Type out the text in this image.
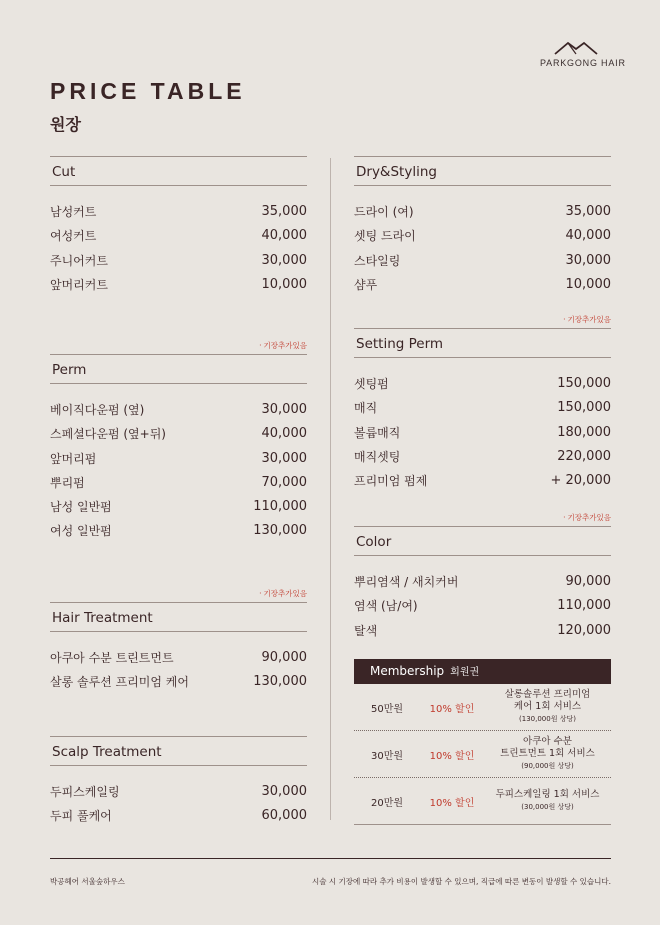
PARKGONG HAIR
PRICE TABLE
원장
Cut
남성커트	35,000
여성커트	40,000
주니어커트	30,000
앞머리커트	10,000
· 기장추가있음
Perm
베이직다운펌 (옆)	30,000
스페셜다운펌 (옆+뒤)	40,000
앞머리펌	30,000
뿌리펌	70,000
남성 일반펌	110,000
여성 일반펌	130,000
· 기장추가있음
Hair Treatment
아쿠아 수분 트린트먼트	90,000
살롱 솔루션 프리미엄 케어	130,000
Scalp Treatment
두피스케일링	30,000
두피 풀케어	60,000
Dry&Styling
드라이 (여)	35,000
셋팅 드라이	40,000
스타일링	30,000
샴푸	10,000
· 기장추가있음
Setting Perm
셋팅펌	150,000
매직	150,000
볼륨매직	180,000
매직셋팅	220,000
프리미엄 펌제	+ 20,000
· 기장추가있음
Color
뿌리염색 / 새치커버	90,000
염색 (남/여)	110,000
탈색	120,000
Membership 회원권
50만원	10% 할인
살롱솔루션 프리미엄
케어 1회 서비스
(130,000원 상당)
30만원	10% 할인
아쿠아 수분
트린트먼트 1회 서비스
(90,000원 상당)
20만원	10% 할인
두피스케일링 1회 서비스
(30,000원 상당)
박공헤어 서울숲하우스	시술 시 기장에 따라 추가 비용이 발생할 수 있으며, 직급에 따른 변동이 발생할 수 있습니다.
